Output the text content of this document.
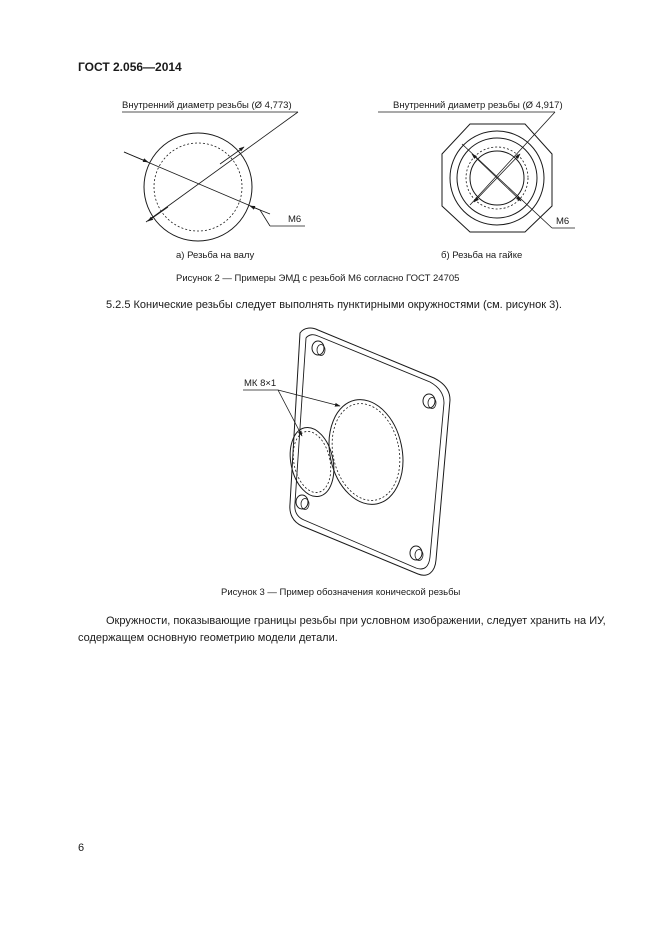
ГОСТ 2.056—2014
Внутренний диаметр резьбы (Ø 4,773)
М6
а) Резьба на валу
Внутренний диаметр резьбы (Ø 4,917)
М6
б) Резьба на гайке
МК 8×1
Рисунок 2 — Примеры ЭМД с резьбой М6 согласно ГОСТ 24705
5.2.5 Конические резьбы следует выполнять пунктирными окружностями (см. рисунок 3).
Рисунок 3 — Пример обозначения конической резьбы
Окружности, показывающие границы резьбы при условном изображении, следует хранить на ИУ,
содержащем основную геометрию модели детали.
6
